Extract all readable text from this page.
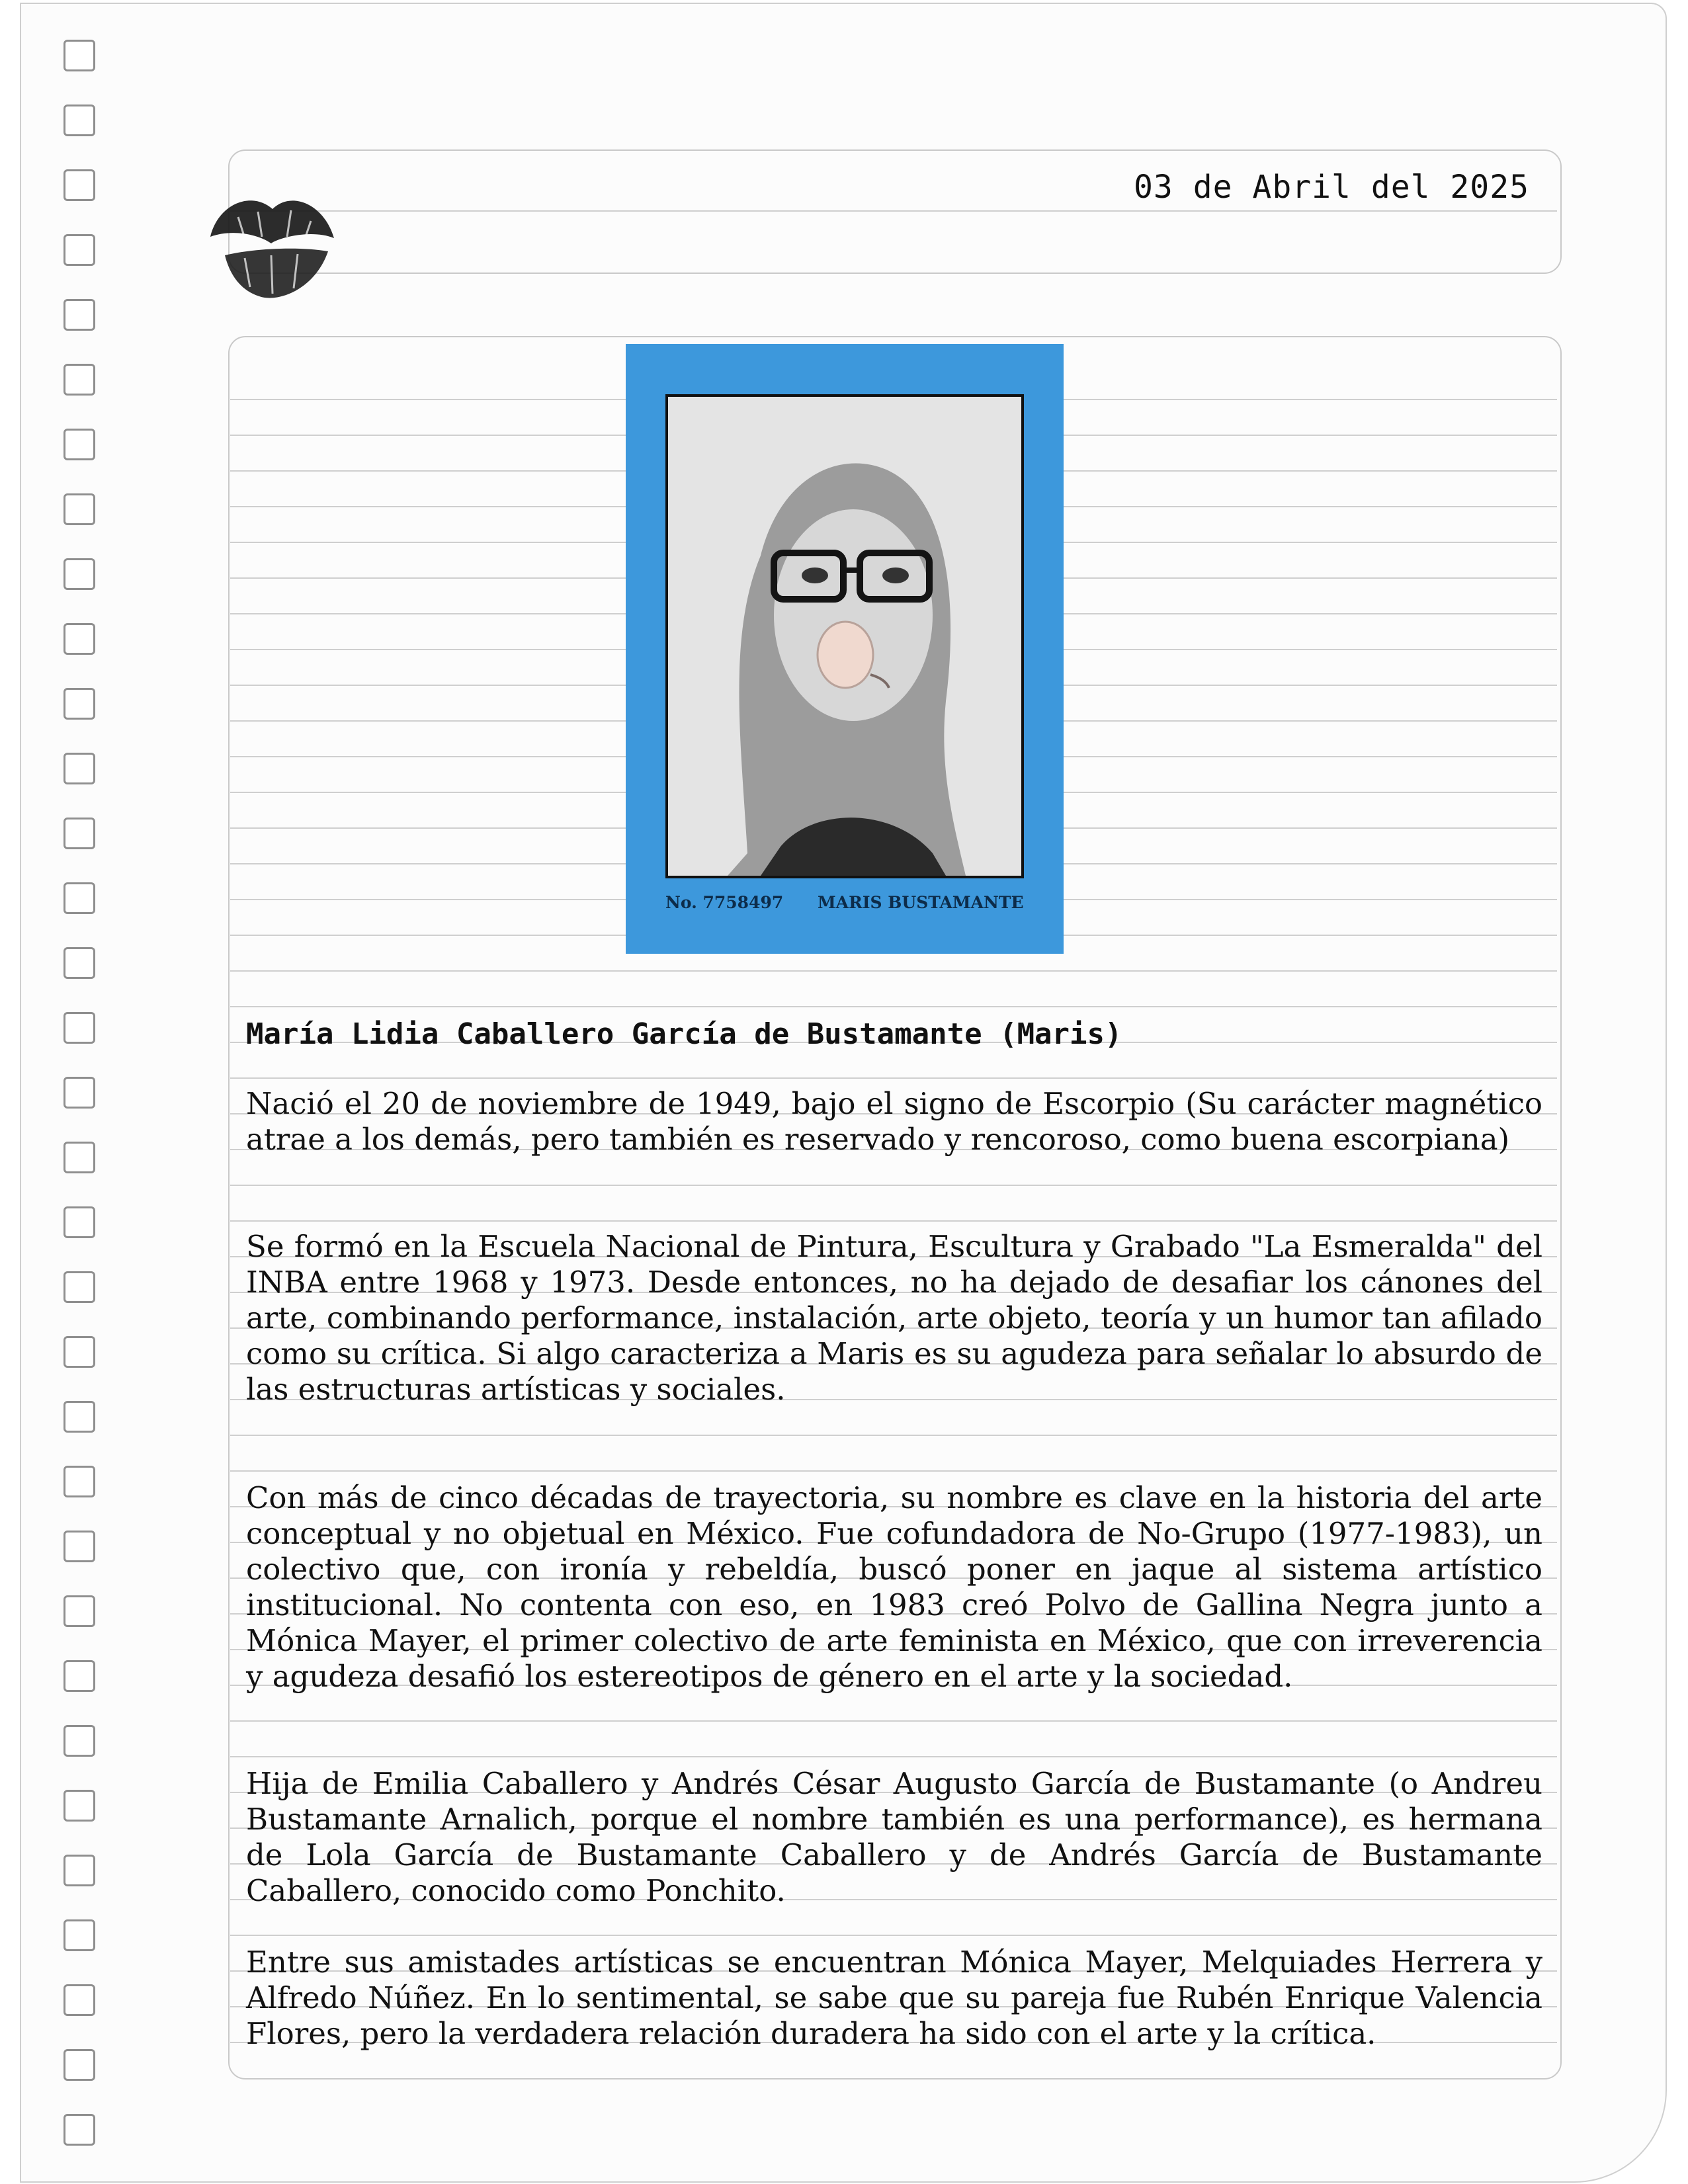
03 de Abril del 2025
No. 7758497 MARIS BUSTAMANTE
María Lidia Caballero García de Bustamante (Maris)

Nació el 20 de noviembre de 1949, bajo el signo de Escorpio (Su carácter magnético atrae a los demás, pero también es reservado y rencoroso, como buena escorpiana)

Se formó en la Escuela Nacional de Pintura, Escultura y Grabado "La Esmeralda" del INBA entre 1968 y 1973. Desde entonces, no ha dejado de desafiar los cánones del arte, combinando performance, instalación, arte objeto, teoría y un humor tan afilado como su crítica. Si algo caracteriza a Maris es su agudeza para señalar lo absurdo de las estructuras artísticas y sociales.

Con más de cinco décadas de trayectoria, su nombre es clave en la historia del arte conceptual y no objetual en México. Fue cofundadora de No-Grupo (1977-1983), un colectivo que, con ironía y rebeldía, buscó poner en jaque al sistema artístico institucional. No contenta con eso, en 1983 creó Polvo de Gallina Negra junto a Mónica Mayer, el primer colectivo de arte feminista en México, que con irreverencia y agudeza desafió los estereotipos de género en el arte y la sociedad.

Hija de Emilia Caballero y Andrés César Augusto García de Bustamante (o Andreu Bustamante Arnalich, porque el nombre también es una performance), es hermana de Lola García de Bustamante Caballero y de Andrés García de Bustamante Caballero, conocido como Ponchito.

Entre sus amistades artísticas se encuentran Mónica Mayer, Melquiades Herrera y Alfredo Núñez. En lo sentimental, se sabe que su pareja fue Rubén Enrique Valencia Flores, pero la verdadera relación duradera ha sido con el arte y la crítica.
